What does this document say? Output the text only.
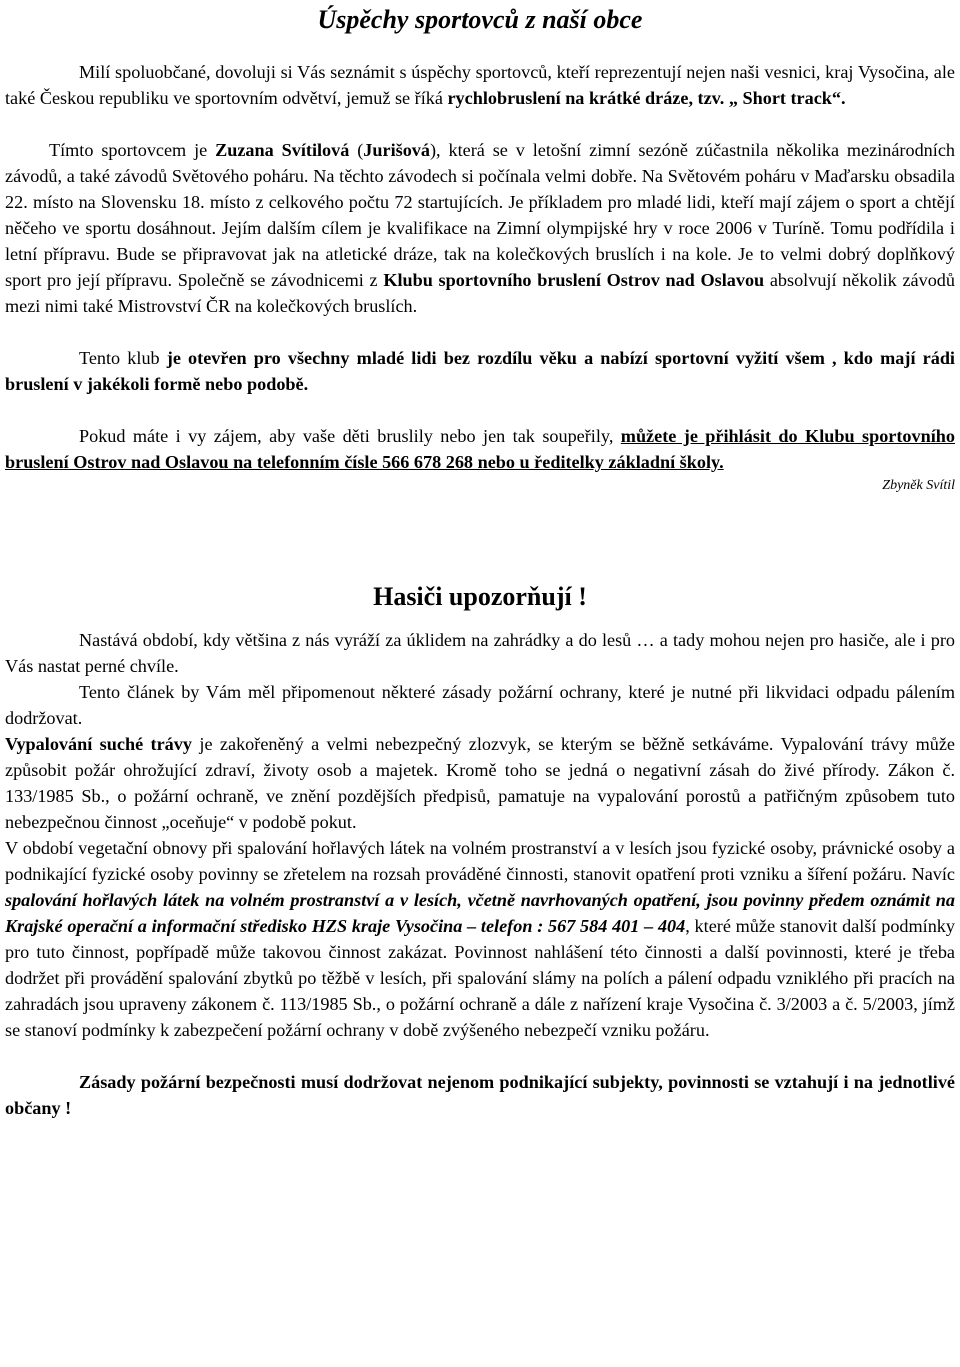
Úspěchy sportovců z naší obce

Milí spoluobčané, dovoluji si Vás seznámit s úspěchy sportovců, kteří reprezentují nejen naši vesnici, kraj Vysočina, ale také Českou republiku ve sportovním odvětví, jemuž se říká rychlobruslení na krátké dráze, tzv. „ Short track“.

Tímto sportovcem je Zuzana Svítilová (Jurišová), která se v letošní zimní sezóně zúčastnila několika mezinárodních závodů, a také závodů Světového poháru. Na těchto závodech si počínala velmi dobře. Na Světovém poháru v Maďarsku obsadila 22. místo na Slovensku 18. místo z celkového počtu 72 startujících. Je příkladem pro mladé lidi, kteří mají zájem o sport a chtějí něčeho ve sportu dosáhnout. Jejím dalším cílem je kvalifikace na Zimní olympijské hry v roce 2006 v Turíně. Tomu podřídila i letní přípravu. Bude se připravovat jak na atletické dráze, tak na kolečkových bruslích i na kole. Je to velmi dobrý doplňkový sport pro její přípravu. Společně se závodnicemi z Klubu sportovního bruslení Ostrov nad Oslavou absolvují několik závodů mezi nimi také Mistrovství ČR na kolečkových bruslích.

Tento klub je otevřen pro všechny mladé lidi bez rozdílu věku a nabízí sportovní vyžití všem , kdo mají rádi bruslení v jakékoli formě nebo podobě.

Pokud máte i vy zájem, aby vaše děti bruslily nebo jen tak soupeřily, můžete je přihlásit do Klubu sportovního bruslení Ostrov nad Oslavou na telefonním čísle 566 678 268 nebo u ředitelky základní školy.

Zbyněk Svítil

Hasiči upozorňují !

Nastává období, kdy většina z nás vyráží za úklidem na zahrádky a do lesů … a tady mohou nejen pro hasiče, ale i pro Vás nastat perné chvíle.

Tento článek by Vám měl připomenout některé zásady požární ochrany, které je nutné při likvidaci odpadu pálením dodržovat.

Vypalování suché trávy je zakořeněný a velmi nebezpečný zlozvyk, se kterým se běžně setkáváme. Vypalování trávy může způsobit požár ohrožující zdraví, životy osob a majetek. Kromě toho se jedná o negativní zásah do živé přírody. Zákon č. 133/1985 Sb., o požární ochraně, ve znění pozdějších předpisů, pamatuje na vypalování porostů a patřičným způsobem tuto nebezpečnou činnost „oceňuje“ v podobě pokut.

V období vegetační obnovy při spalování hořlavých látek na volném prostranství a v lesích jsou fyzické osoby, právnické osoby a podnikající fyzické osoby povinny se zřetelem na rozsah prováděné činnosti, stanovit opatření proti vzniku a šíření požáru. Navíc spalování hořlavých látek na volném prostranství a v lesích, včetně navrhovaných opatření, jsou povinny předem oznámit na Krajské operační a informační středisko HZS kraje Vysočina – telefon : 567 584 401 – 404, které může stanovit další podmínky pro tuto činnost, popřípadě může takovou činnost zakázat. Povinnost nahlášení této činnosti a další povinnosti, které je třeba dodržet při provádění spalování zbytků po těžbě v lesích, při spalování slámy na polích a pálení odpadu vzniklého při pracích na zahradách jsou upraveny zákonem č. 113/1985 Sb., o požární ochraně a dále z nařízení kraje Vysočina č. 3/2003 a č. 5/2003, jímž se stanoví podmínky k zabezpečení požární ochrany v době zvýšeného nebezpečí vzniku požáru.

Zásady požární bezpečnosti musí dodržovat nejenom podnikající subjekty, povinnosti se vztahují i na jednotlivé občany !
